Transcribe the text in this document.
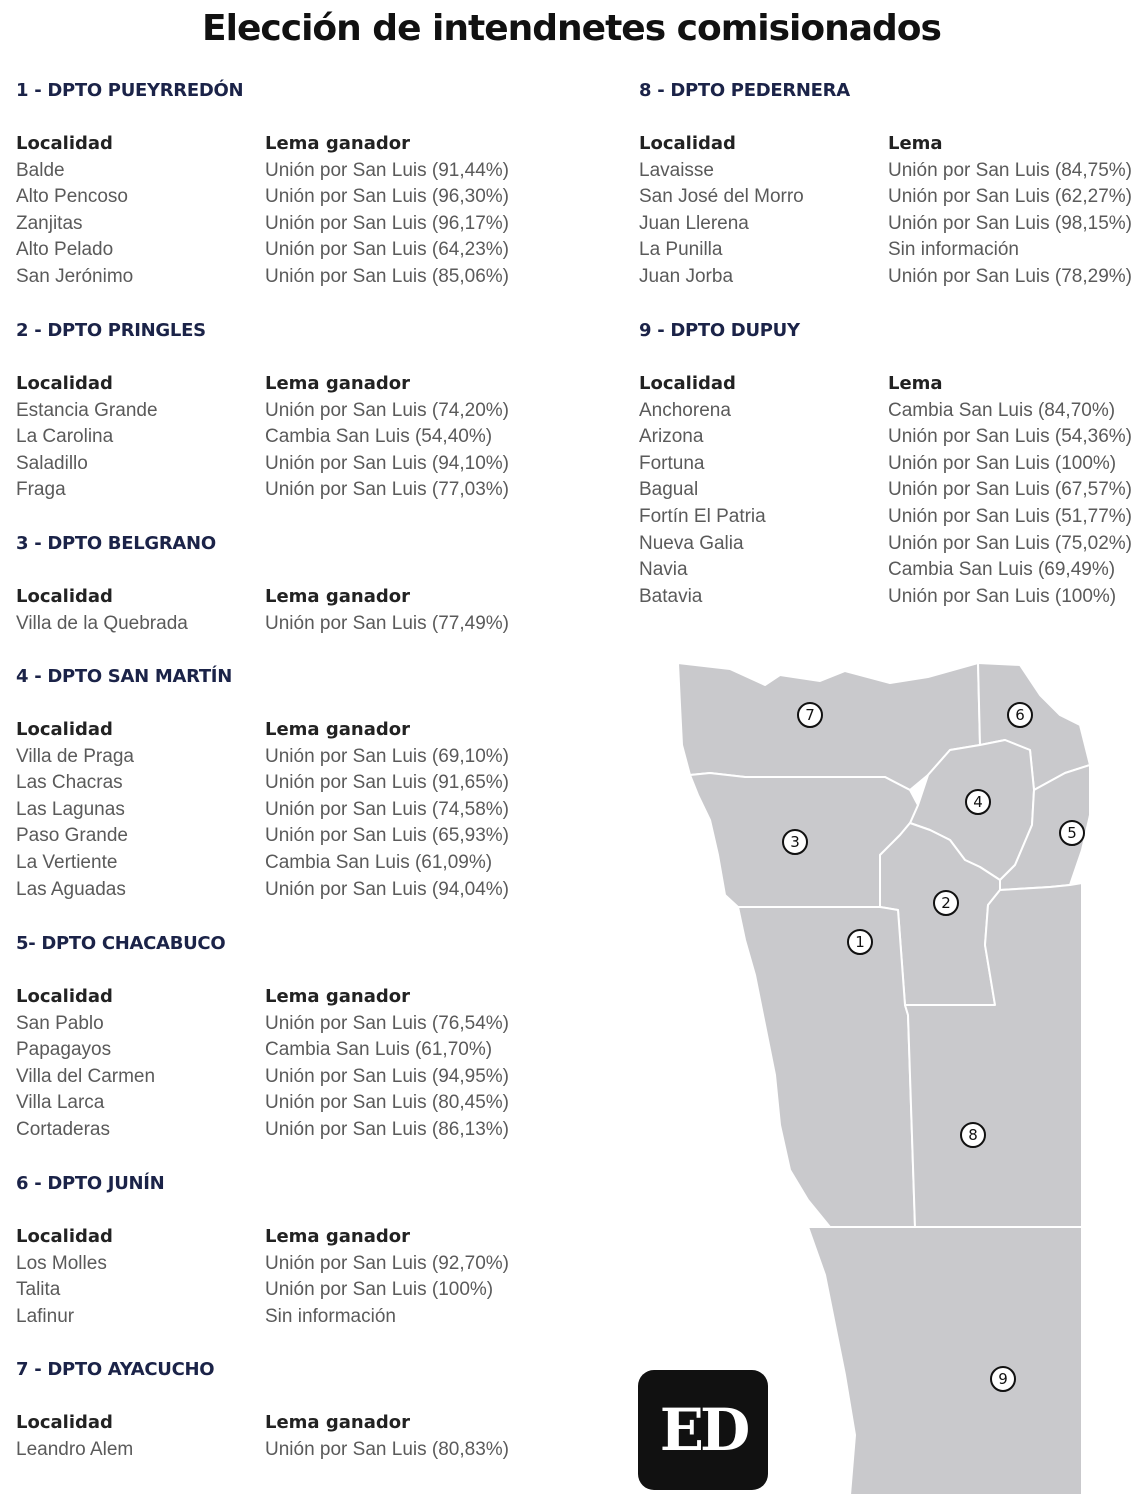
Elección de intendnetes comisionados
1 - DPTO PUEYRREDÓN
Localidad	Lema ganador
Balde	Unión por San Luis (91,44%)
Alto Pencoso	Unión por San Luis (96,30%)
Zanjitas	Unión por San Luis (96,17%)
Alto Pelado	Unión por San Luis (64,23%)
San Jerónimo	Unión por San Luis (85,06%)
2 - DPTO PRINGLES
Localidad	Lema ganador
Estancia Grande	Unión por San Luis (74,20%)
La Carolina	Cambia San Luis (54,40%)
Saladillo	Unión por San Luis (94,10%)
Fraga	Unión por San Luis (77,03%)
3 - DPTO BELGRANO
Localidad	Lema ganador
Villa de la Quebrada	Unión por San Luis (77,49%)
4 - DPTO SAN MARTÍN
Localidad	Lema ganador
Villa de Praga	Unión por San Luis (69,10%)
Las Chacras	Unión por San Luis (91,65%)
Las Lagunas	Unión por San Luis (74,58%)
Paso Grande	Unión por San Luis (65,93%)
La Vertiente	Cambia San Luis (61,09%)
Las Aguadas	Unión por San Luis (94,04%)
5- DPTO CHACABUCO
Localidad	Lema ganador
San Pablo	Unión por San Luis (76,54%)
Papagayos	Cambia San Luis (61,70%)
Villa del Carmen	Unión por San Luis (94,95%)
Villa Larca	Unión por San Luis (80,45%)
Cortaderas	Unión por San Luis (86,13%)
6 - DPTO JUNÍN
Localidad	Lema ganador
Los Molles	Unión por San Luis (92,70%)
Talita	Unión por San Luis (100%)
Lafinur	Sin información
7 - DPTO AYACUCHO
Localidad	Lema ganador
Leandro Alem	Unión por San Luis (80,83%)
8 - DPTO PEDERNERA
Localidad	Lema
Lavaisse	Unión por San Luis (84,75%)
San José del Morro	Unión por San Luis (62,27%)
Juan Llerena	Unión por San Luis (98,15%)
La Punilla	Sin información
Juan Jorba	Unión por San Luis (78,29%)
9 - DPTO DUPUY
Localidad	Lema
Anchorena	Cambia San Luis (84,70%)
Arizona	Unión por San Luis (54,36%)
Fortuna	Unión por San Luis (100%)
Bagual	Unión por San Luis (67,57%)
Fortín El Patria	Unión por San Luis (51,77%)
Nueva Galia	Unión por San Luis (75,02%)
Navia	Cambia San Luis (69,49%)
Batavia	Unión por San Luis (100%)
7	6
4
5
3
2
1
8
9
ED
